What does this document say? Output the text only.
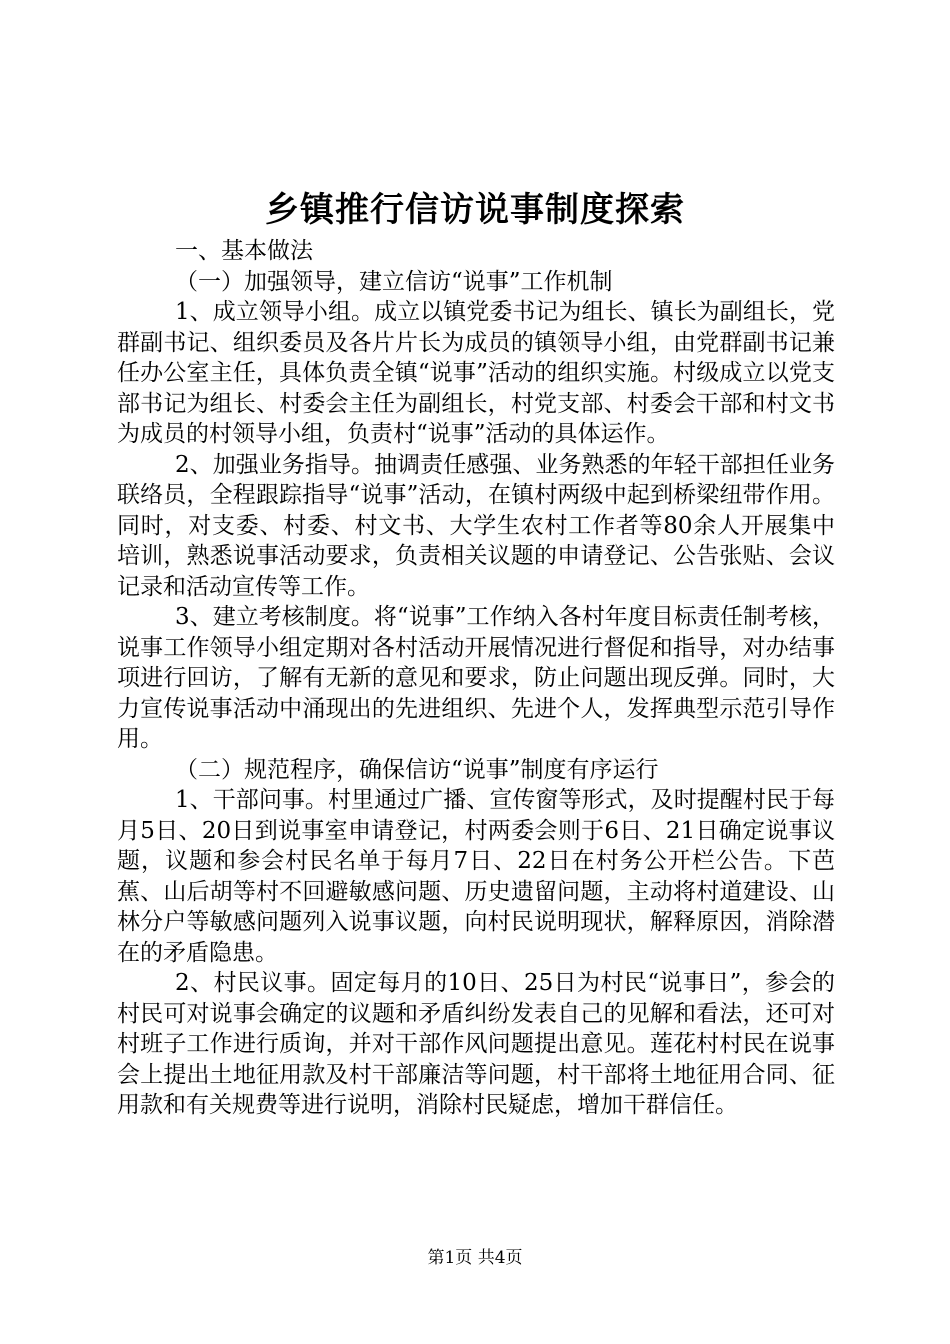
乡镇推行信访说事制度探索

一、基本做法

（一）加强领导，建立信访“说事”工作机制

1、成立领导小组。成立以镇党委书记为组长、镇长为副组长，党群副书记、组织委员及各片片长为成员的镇领导小组，由党群副书记兼任办公室主任，具体负责全镇“说事”活动的组织实施。村级成立以党支部书记为组长、村委会主任为副组长，村党支部、村委会干部和村文书为成员的村领导小组，负责村“说事”活动的具体运作。

2、加强业务指导。抽调责任感强、业务熟悉的年轻干部担任业务联络员，全程跟踪指导“说事”活动，在镇村两级中起到桥梁纽带作用。同时，对支委、村委、村文书、大学生农村工作者等80余人开展集中培训，熟悉说事活动要求，负责相关议题的申请登记、公告张贴、会议记录和活动宣传等工作。

3、建立考核制度。将“说事”工作纳入各村年度目标责任制考核，说事工作领导小组定期对各村活动开展情况进行督促和指导，对办结事项进行回访，了解有无新的意见和要求，防止问题出现反弹。同时，大力宣传说事活动中涌现出的先进组织、先进个人，发挥典型示范引导作用。

（二）规范程序，确保信访“说事”制度有序运行

1、干部问事。村里通过广播、宣传窗等形式，及时提醒村民于每月5日、20日到说事室申请登记，村两委会则于6日、21日确定说事议题，议题和参会村民名单于每月7日、22日在村务公开栏公告。下芭蕉、山后胡等村不回避敏感问题、历史遗留问题，主动将村道建设、山林分户等敏感问题列入说事议题，向村民说明现状，解释原因，消除潜在的矛盾隐患。

2、村民议事。固定每月的10日、25日为村民“说事日”，参会的村民可对说事会确定的议题和矛盾纠纷发表自己的见解和看法，还可对村班子工作进行质询，并对干部作风问题提出意见。莲花村村民在说事会上提出土地征用款及村干部廉洁等问题，村干部将土地征用合同、征用款和有关规费等进行说明，消除村民疑虑，增加干群信任。

第1页 共4页
